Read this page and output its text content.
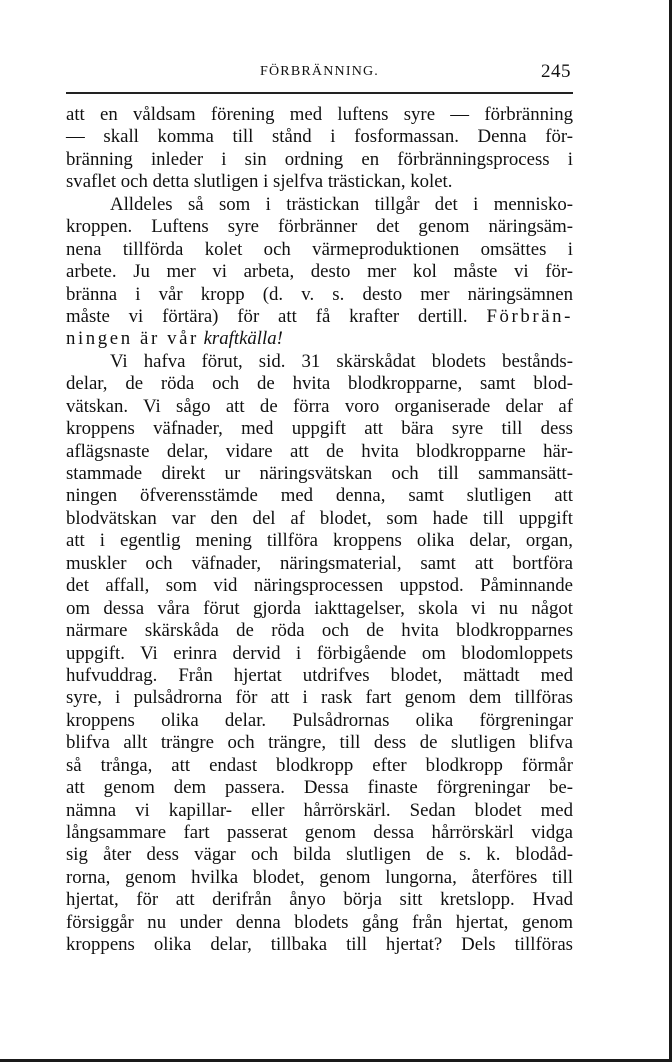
FÖRBRÄNNING.	245
att en våldsam förening med luftens syre — förbränning
— skall komma till stånd i fosformassan. Denna för-
bränning inleder i sin ordning en förbränningsprocess i
svaflet och detta slutligen i sjelfva trästickan, kolet.
Alldeles så som i trästickan tillgår det i mennisko-
kroppen. Luftens syre förbränner det genom näringsäm-
nena tillförda kolet och värmeproduktionen omsättes i
arbete. Ju mer vi arbeta, desto mer kol måste vi för-
bränna i vår kropp (d. v. s. desto mer näringsämnen
måste vi förtära) för att få krafter dertill. Förbrän-
ningen är vår kraftkälla!
Vi hafva förut, sid. 31 skärskådat blodets bestånds-
delar, de röda och de hvita blodkropparne, samt blod-
vätskan. Vi sågo att de förra voro organiserade delar af
kroppens väfnader, med uppgift att bära syre till dess
aflägsnaste delar, vidare att de hvita blodkropparne här-
stammade direkt ur näringsvätskan och till sammansätt-
ningen öfverensstämde med denna, samt slutligen att
blodvätskan var den del af blodet, som hade till uppgift
att i egentlig mening tillföra kroppens olika delar, organ,
muskler och väfnader, näringsmaterial, samt att bortföra
det affall, som vid näringsprocessen uppstod. Påminnande
om dessa våra förut gjorda iakttagelser, skola vi nu något
närmare skärskåda de röda och de hvita blodkropparnes
uppgift. Vi erinra dervid i förbigående om blodomloppets
hufvuddrag. Från hjertat utdrifves blodet, mättadt med
syre, i pulsådrorna för att i rask fart genom dem tillföras
kroppens olika delar. Pulsådrornas olika förgreningar
blifva allt trängre och trängre, till dess de slutligen blifva
så trånga, att endast blodkropp efter blodkropp förmår
att genom dem passera. Dessa finaste förgreningar be-
nämna vi kapillar- eller hårrörskärl. Sedan blodet med
långsammare fart passerat genom dessa hårrörskärl vidga
sig åter dess vägar och bilda slutligen de s. k. blodåd-
rorna, genom hvilka blodet, genom lungorna, återföres till
hjertat, för att derifrån ånyo börja sitt kretslopp. Hvad
försiggår nu under denna blodets gång från hjertat, genom
kroppens olika delar, tillbaka till hjertat? Dels tillföras
